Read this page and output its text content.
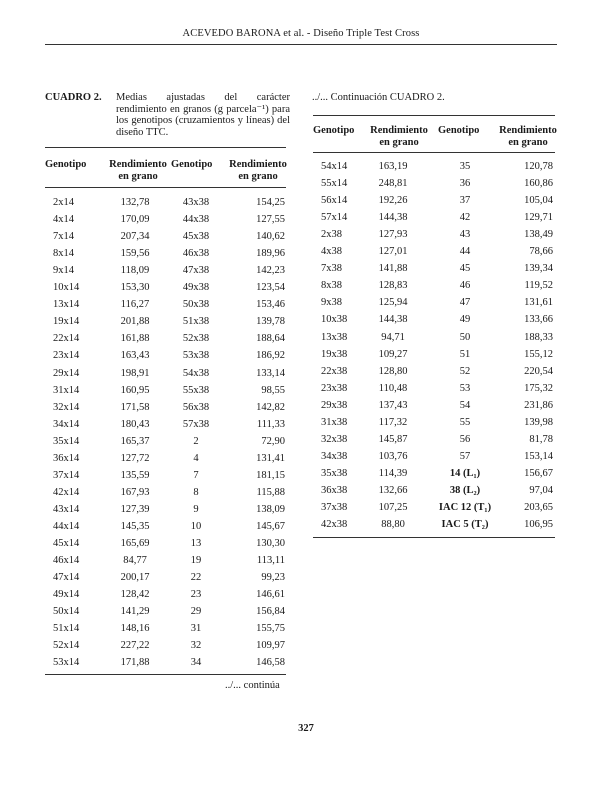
ACEVEDO BARONA et al. - Diseño Triple Test Cross
CUADRO 2. Medias ajustadas del carácter rendimiento en granos (g parcela⁻¹) para los genotipos (cruzamientos y líneas) del diseño TTC.
../... Continuación CUADRO 2.
Genotipo	Rendimiento
en grano
Genotipo	Rendimiento
en grano
2x14	132,78	43x38	154,25
4x14	170,09	44x38	127,55
7x14	207,34	45x38	140,62
8x14	159,56	46x38	189,96
9x14	118,09	47x38	142,23
10x14	153,30	49x38	123,54
13x14	116,27	50x38	153,46
19x14	201,88	51x38	139,78
22x14	161,88	52x38	188,64
23x14	163,43	53x38	186,92
29x14	198,91	54x38	133,14
31x14	160,95	55x38	98,55
32x14	171,58	56x38	142,82
34x14	180,43	57x38	111,33
35x14	165,37	2	72,90
36x14	127,72	4	131,41
37x14	135,59	7	181,15
42x14	167,93	8	115,88
43x14	127,39	9	138,09
44x14	145,35	10	145,67
45x14	165,69	13	130,30
46x14	84,77	19	113,11
47x14	200,17	22	99,23
49x14	128,42	23	146,61
50x14	141,29	29	156,84
51x14	148,16	31	155,75
52x14	227,22	32	109,97
53x14	171,88	34	146,58
Genotipo	Rendimiento
en grano
Genotipo	Rendimiento
en grano
54x14	163,19	35	120,78
55x14	248,81	36	160,86
56x14	192,26	37	105,04
57x14	144,38	42	129,71
2x38	127,93	43	138,49
4x38	127,01	44	78,66
7x38	141,88	45	139,34
8x38	128,83	46	119,52
9x38	125,94	47	131,61
10x38	144,38	49	133,66
13x38	94,71	50	188,33
19x38	109,27	51	155,12
22x38	128,80	52	220,54
23x38	110,48	53	175,32
29x38	137,43	54	231,86
31x38	117,32	55	139,98
32x38	145,87	56	81,78
34x38	103,76	57	153,14
35x38	114,39	14 (L₁)	156,67
36x38	132,66	38 (L₂)	97,04
37x38	107,25	IAC 12 (T₁)	203,65
42x38	88,80	IAC 5 (T₂)	106,95
../... continúa
327
